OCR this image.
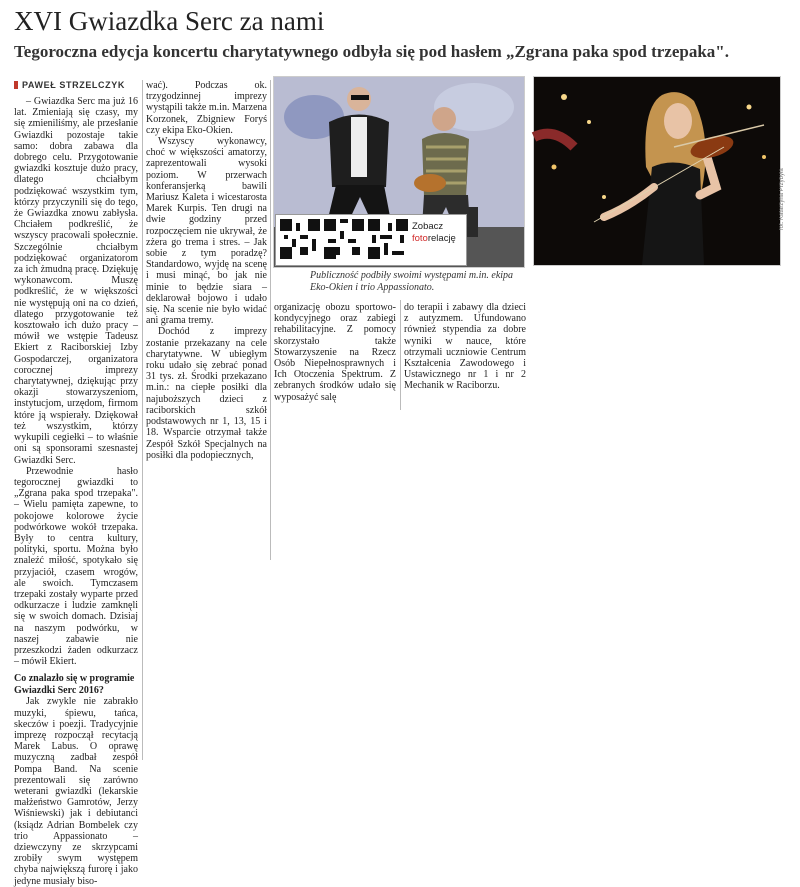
XVI Gwiazdka Serc za nami
Tegoroczna edycja koncertu charytatywnego odbyła się pod hasłem „Zgrana paka spod trzepaka".
PAWEŁ STRZELCZYK

– Gwiazdka Serc ma już 16 lat. Zmieniają się czasy, my się zmieniliśmy, ale przesłanie Gwiazdki pozostaje takie samo: dobra zabawa dla dobrego celu. Przygotowanie gwiazdki kosztuje dużo pracy, dlatego chciałbym podziękować wszystkim tym, którzy przyczynili się do tego, że Gwiazdka znowu zabłysła. Chciałem podkreślić, że wszyscy pracowali społecznie. Szczególnie chciałbym podziękować organizatorom za ich żmudną pracę. Dziękuję wykonawcom. Muszę podkreślić, że w większości nie występują oni na co dzień, dlatego przygotowanie też kosztowało ich dużo pracy – mówił we wstępie Tadeusz Ekiert z Raciborskiej Izby Gospodarczej, organizatora corocznej imprezy charytatywnej, dziękując przy okazji stowarzyszeniom, instytucjom, urzędom, firmom które ją wspierały. Dziękował też wszystkim, którzy wykupili cegiełki – to właśnie oni są sponsorami szesnastej Gwiazdki Serc.

Przewodnie hasło tegorocznej gwiazdki to „Zgrana paka spod trzepaka". – Wielu pamięta zapewne, to pokojowe kolorowe życie podwórkowe wokół trzepaka. Były to centra kultury, polityki, sportu. Można było znaleźć miłość, spotykało się przyjaciół, czasem wrogów, ale swoich. Tymczasem trzepaki zostały wyparte przed odkurzacze i ludzie zamknęli się w swoich domach. Dzisiaj na naszym podwórku, w naszej zabawie nie przeszkodzi żaden odkurzacz – mówił Ekiert.

Co znalazło się w programie Gwiazdki Serc 2016?

Jak zwykle nie zabrakło muzyki, śpiewu, tańca, skeczów i poezji. Tradycyjnie imprezę rozpoczął recytacją Marek Labus. O oprawę muzyczną zadbał zespół Pompa Band. Na scenie prezentowali się zarówno weterani gwiazdki (lekarskie małżeństwo Gamrotów, Jerzy Wiśniewski) jak i debiutanci (ksiądz Adrian Bombelek czy trio Appassionato – dziewczyny ze skrzypcami zrobiły swym występem chyba największą furorę i jako jedyne musiały biso-

wać). Podczas ok. trzygodzinnej imprezy wystąpili także m.in. Marzena Korzonek, Zbigniew Foryś czy ekipa Eko-Okien.

Wszyscy wykonawcy, choć w większości amatorzy, zaprezentowali wysoki poziom. W przerwach konferansjerką bawili Mariusz Kaleta i wicestarosta Marek Kurpis. Ten drugi na dwie godziny przed rozpoczęciem nie ukrywał, że zżera go trema i stres. – Jak sobie z tym poradzę? Standardowo, wyjdę na scenę i musi minąć, bo jak nie minie to będzie siara – deklarował bojowo i udało się. Na scenie nie było widać ani grama tremy.

Dochód z imprezy zostanie przekazany na cele charytatywne. W ubiegłym roku udało się zebrać ponad 31 tys. zł. Środki przekazano m.in.: na ciepłe posiłki dla najuboższych dzieci z raciborskich szkół podstawowych nr 1, 13, 15 i 18. Wsparcie otrzymał także Zespół Szkół Specjalnych na posiłki dla podopiecznych,

Zobacz
fotorelację
fot. Katarzyna Przybyła
Publiczność podbiły swoimi występami m.in. ekipa Eko-Okien i trio Appassionato.

organizację obozu sportowo-kondycyjnego oraz zabiegi rehabilitacyjne. Z pomocy skorzystało także Stowarzyszenie na Rzecz Osób Niepełnosprawnych i Ich Otoczenia Spektrum. Z zebranych środków udało się wyposażyć salę

do terapii i zabawy dla dzieci z autyzmem. Ufundowano również stypendia za dobre wyniki w nauce, które otrzymali uczniowie Centrum Kształcenia Zawodowego i Ustawicznego nr 1 i nr 2 Mechanik w Raciborzu.
